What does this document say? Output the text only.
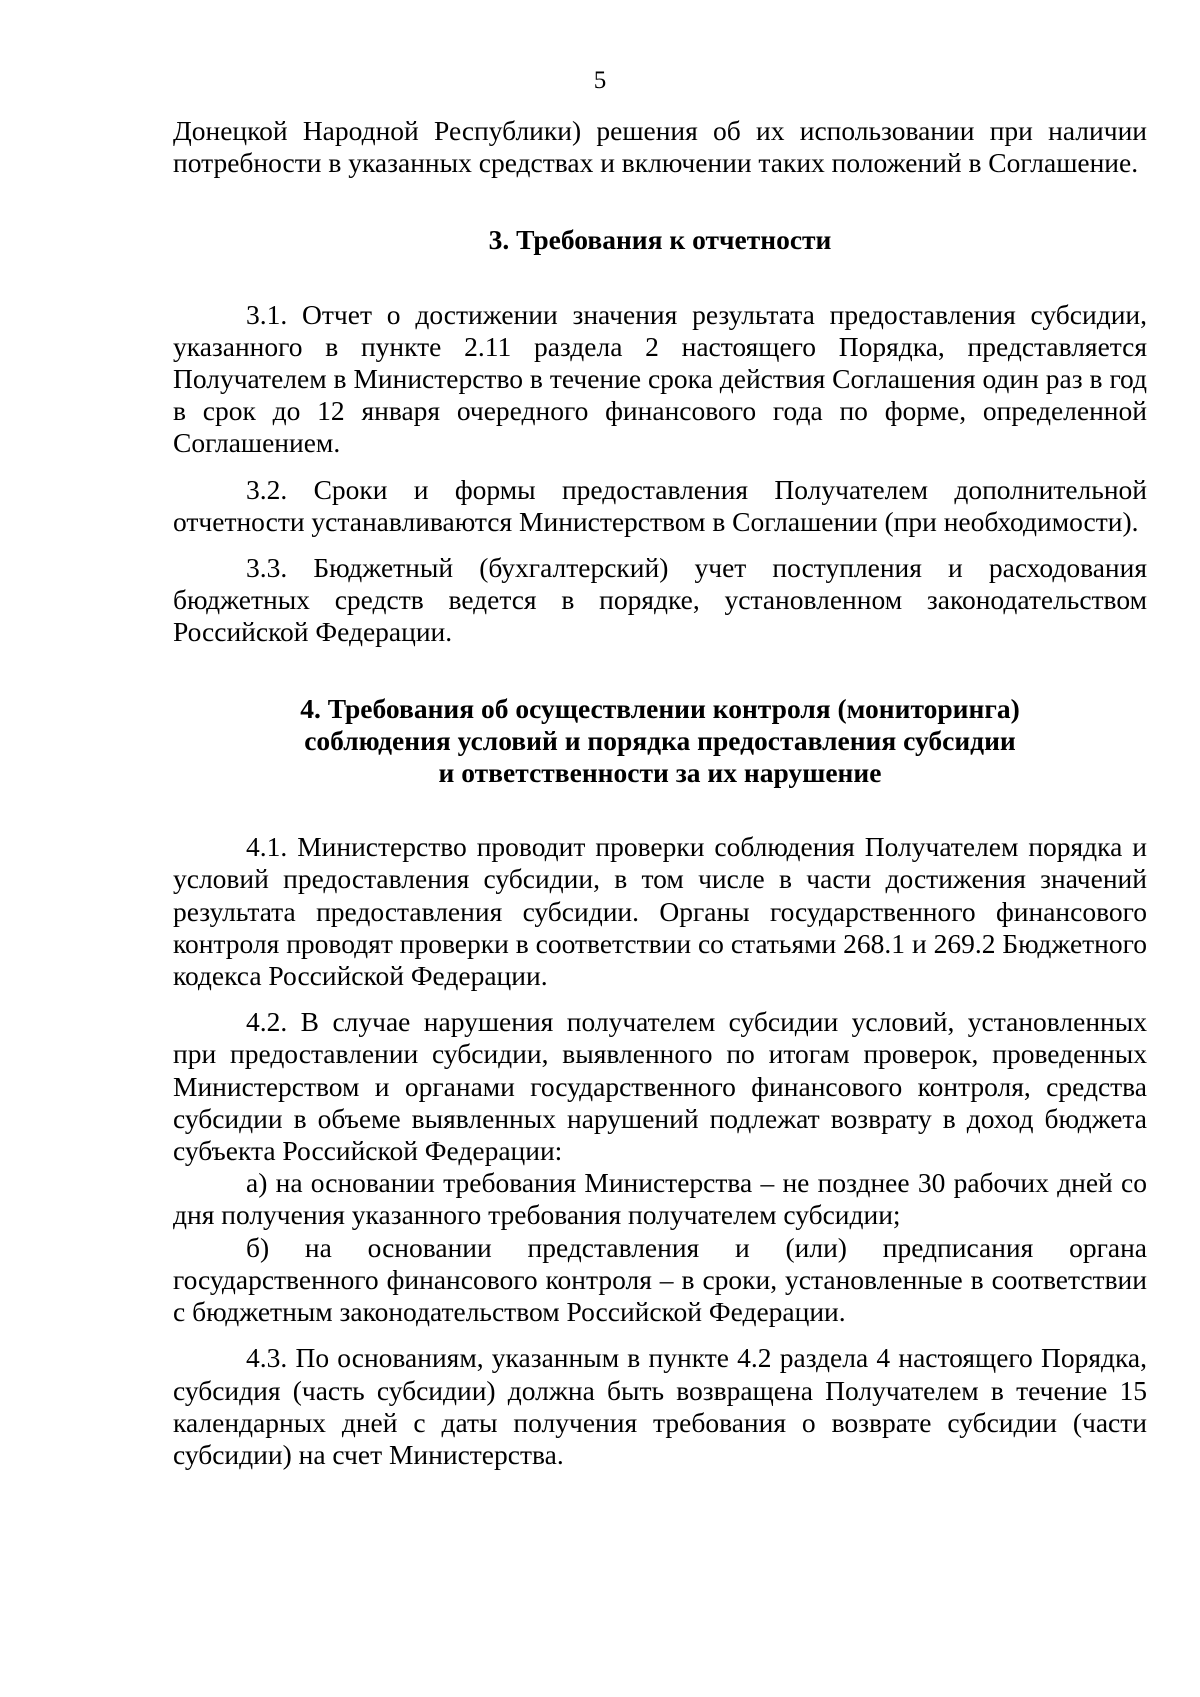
5

Донецкой Народной Республики) решения об их использовании при наличии потребности в указанных средствах и включении таких положений в Соглашение.

3. Требования к отчетности

3.1. Отчет о достижении значения результата предоставления субсидии, указанного в пункте 2.11 раздела 2 настоящего Порядка, представляется Получателем в Министерство в течение срока действия Соглашения один раз в год в срок до 12 января очередного финансового года по форме, определенной Соглашением.

3.2. Сроки и формы предоставления Получателем дополнительной отчетности устанавливаются Министерством в Соглашении (при необходимости).

3.3. Бюджетный (бухгалтерский) учет поступления и расходования бюджетных средств ведется в порядке, установленном законодательством Российской Федерации.

4. Требования об осуществлении контроля (мониторинга)
соблюдения условий и порядка предоставления субсидии
и ответственности за их нарушение

4.1. Министерство проводит проверки соблюдения Получателем порядка и условий предоставления субсидии, в том числе в части достижения значений результата предоставления субсидии. Органы государственного финансового контроля проводят проверки в соответствии со статьями 268.1 и 269.2 Бюджетного кодекса Российской Федерации.

4.2. В случае нарушения получателем субсидии условий, установленных при предоставлении субсидии, выявленного по итогам проверок, проведенных Министерством и органами государственного финансового контроля, средства субсидии в объеме выявленных нарушений подлежат возврату в доход бюджета субъекта Российской Федерации:

а) на основании требования Министерства – не позднее 30 рабочих дней со дня получения указанного требования получателем субсидии;

б) на основании представления и (или) предписания органа государственного финансового контроля – в сроки, установленные в соответствии с бюджетным законодательством Российской Федерации.

4.3. По основаниям, указанным в пункте 4.2 раздела 4 настоящего Порядка, субсидия (часть субсидии) должна быть возвращена Получателем в течение 15 календарных дней с даты получения требования о возврате субсидии (части субсидии) на счет Министерства.
